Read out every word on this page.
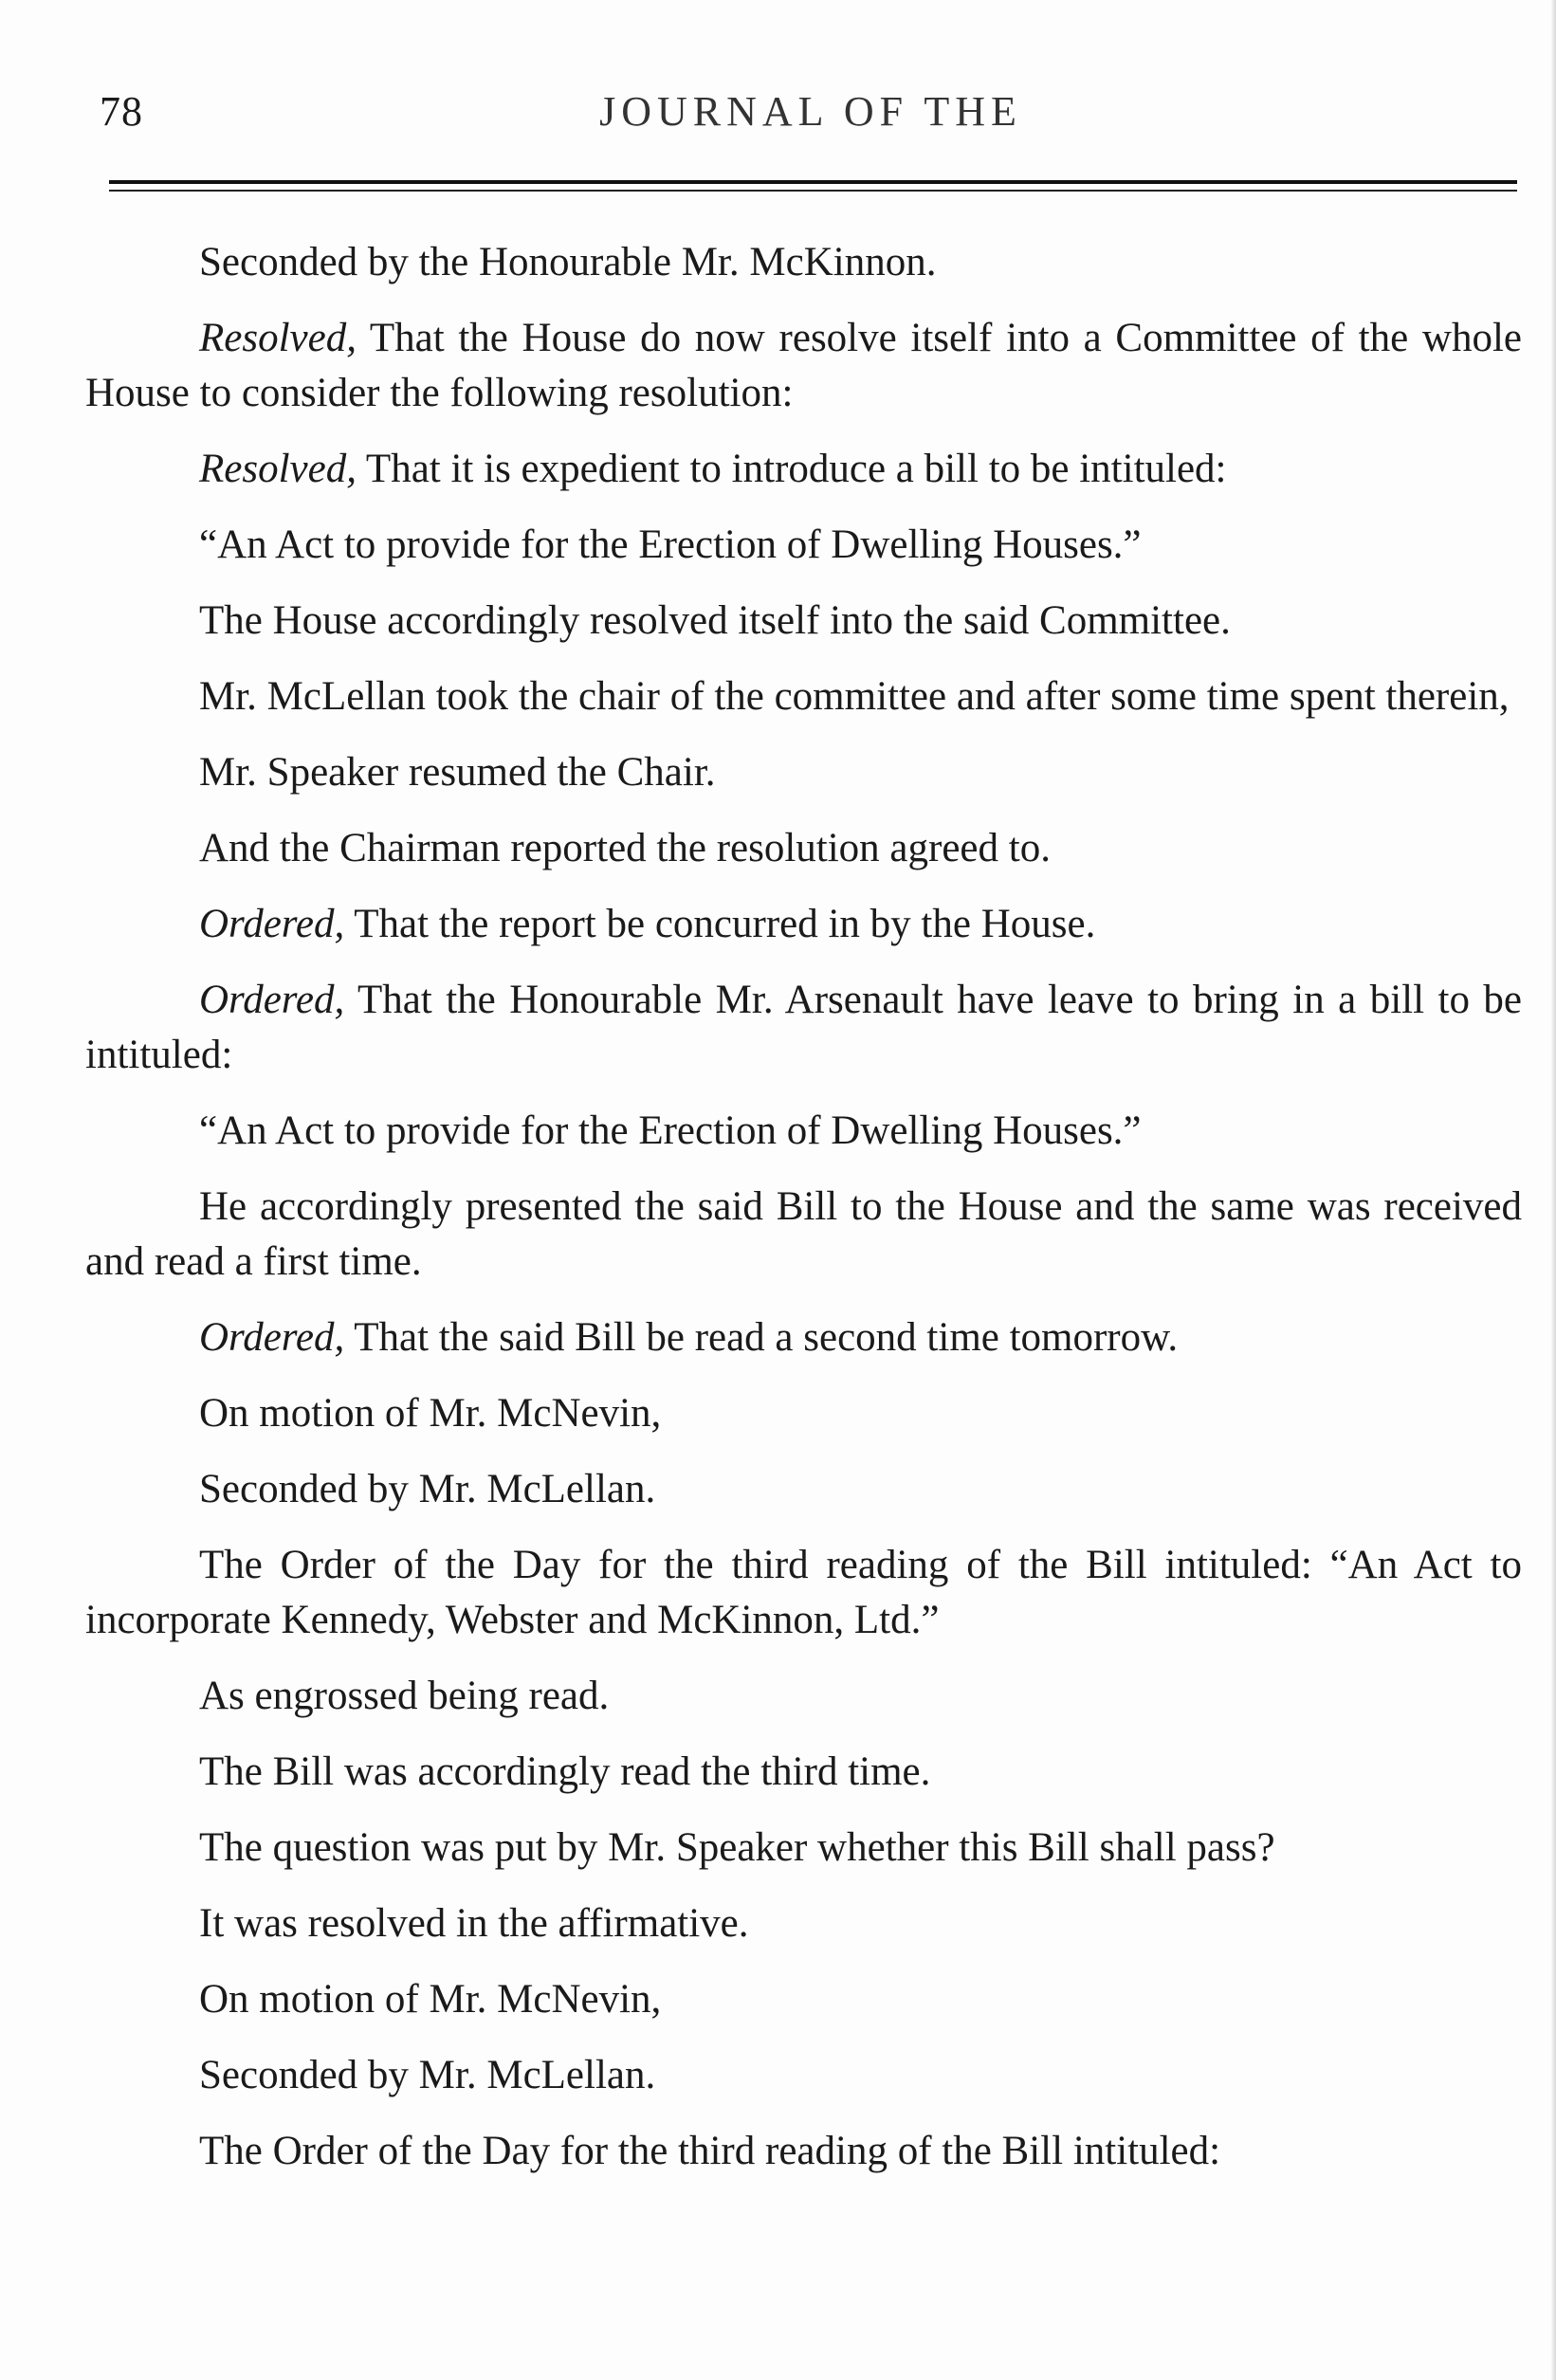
78	JOURNAL OF THE

Seconded by the Honourable Mr. McKinnon.

Resolved, That the House do now resolve itself into a Committee of the whole House to consider the following resolution:

Resolved, That it is expedient to introduce a bill to be intituled:

“An Act to provide for the Erection of Dwelling Houses.”

The House accordingly resolved itself into the said Committee.

Mr. McLellan took the chair of the committee and after some time spent therein,

Mr. Speaker resumed the Chair.

And the Chairman reported the resolution agreed to.

Ordered, That the report be concurred in by the House.

Ordered, That the Honourable Mr. Arsenault have leave to bring in a bill to be intituled:

“An Act to provide for the Erection of Dwelling Houses.”

He accordingly presented the said Bill to the House and the same was received and read a first time.

Ordered, That the said Bill be read a second time tomorrow.

On motion of Mr. McNevin,

Seconded by Mr. McLellan.

The Order of the Day for the third reading of the Bill intituled: “An Act to incorporate Kennedy, Webster and McKinnon, Ltd.”

As engrossed being read.

The Bill was accordingly read the third time.

The question was put by Mr. Speaker whether this Bill shall pass?

It was resolved in the affirmative.

On motion of Mr. McNevin,

Seconded by Mr. McLellan.

The Order of the Day for the third reading of the Bill intituled:
